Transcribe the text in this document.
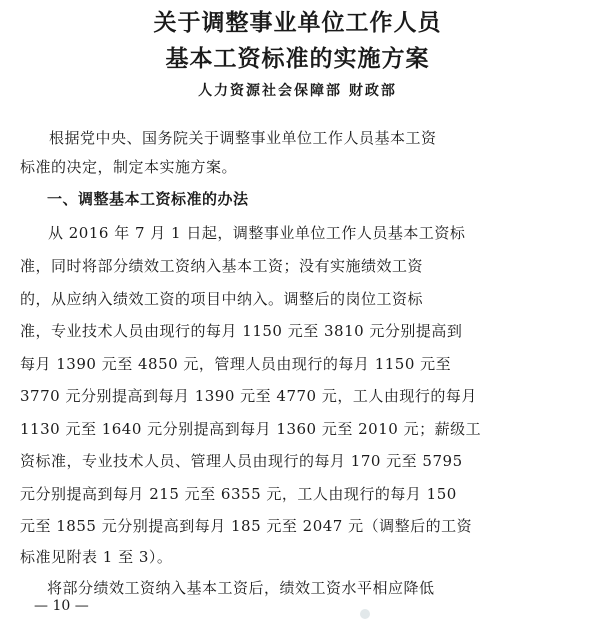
关于调整事业单位工作人员
基本工资标准的实施方案
人力资源社会保障部 财政部
根据党中央、国务院关于调整事业单位工作人员基本工资
标准的决定，制定本实施方案。
一、调整基本工资标准的办法
从 2016 年 7 月 1 日起，调整事业单位工作人员基本工资标
准，同时将部分绩效工资纳入基本工资；没有实施绩效工资
的，从应纳入绩效工资的项目中纳入。调整后的岗位工资标
准，专业技术人员由现行的每月 1150 元至 3810 元分别提高到
每月 1390 元至 4850 元，管理人员由现行的每月 1150 元至
3770 元分别提高到每月 1390 元至 4770 元，工人由现行的每月
1130 元至 1640 元分别提高到每月 1360 元至 2010 元；薪级工
资标准，专业技术人员、管理人员由现行的每月 170 元至 5795
元分别提高到每月 215 元至 6355 元，工人由现行的每月 150
元至 1855 元分别提高到每月 185 元至 2047 元（调整后的工资
标准见附表 1 至 3）。
将部分绩效工资纳入基本工资后，绩效工资水平相应降低
— 10 —
